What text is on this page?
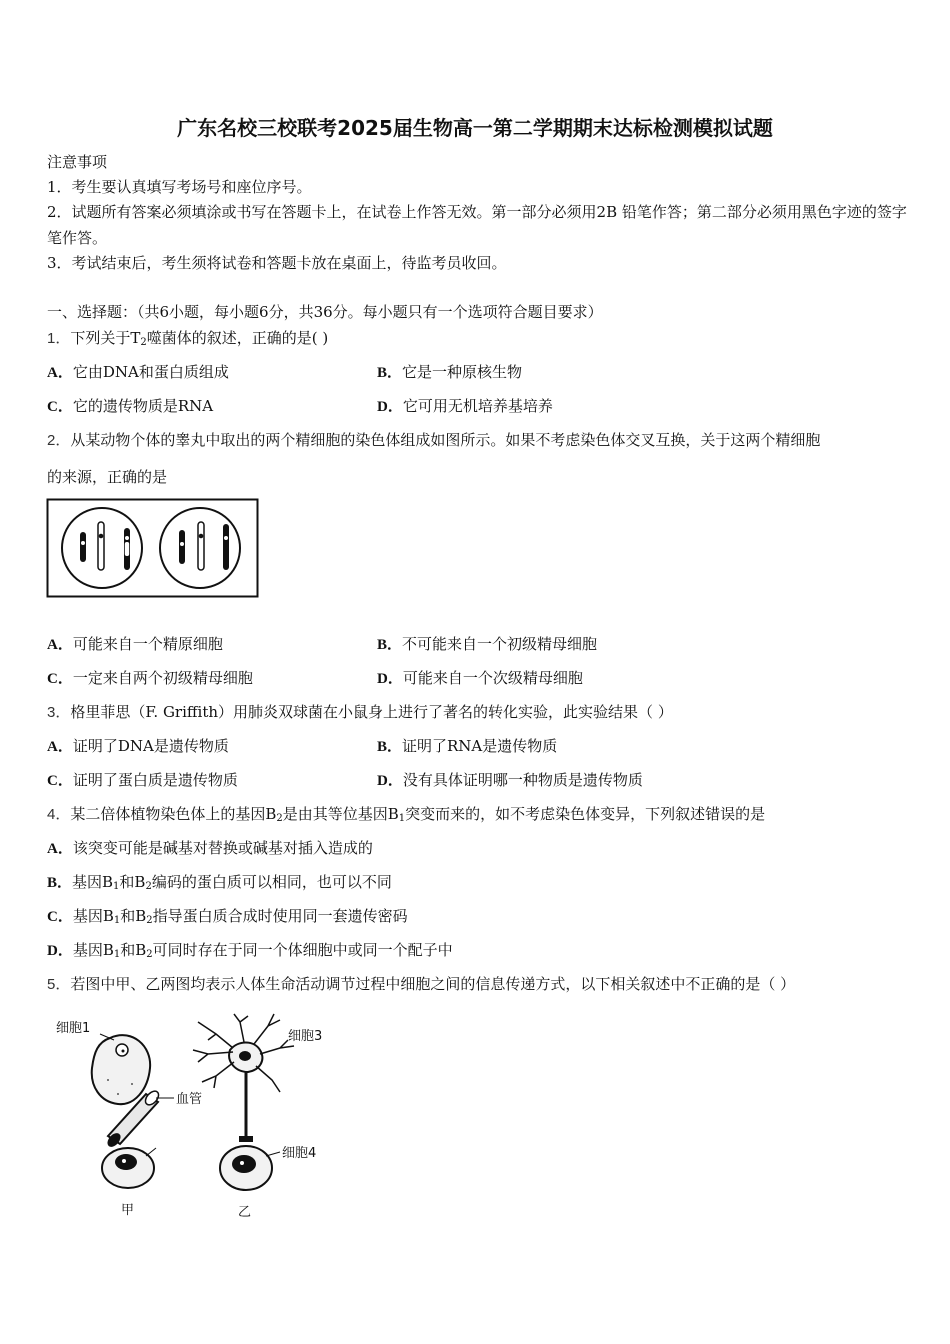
广东名校三校联考2025届生物高一第二学期期末达标检测模拟试题
注意事项
1．考生要认真填写考场号和座位序号。
2．试题所有答案必须填涂或书写在答题卡上，在试卷上作答无效。第一部分必须用2B 铅笔作答；第二部分必须用黑色字迹的签字笔作答。
3．考试结束后，考生须将试卷和答题卡放在桌面上，待监考员收回。
一、选择题：（共6小题，每小题6分，共36分。每小题只有一个选项符合题目要求）
1．下列关于$T_2$噬菌体的叙述，正确的是( )
A．它由DNA和蛋白质组成	B．它是一种原核生物
C．它的遗传物质是RNA	D．它可用无机培养基培养
2．从某动物个体的睾丸中取出的两个精细胞的染色体组成如图所示。如果不考虑染色体交叉互换，关于这两个精细胞
的来源，正确的是
A．可能来自一个精原细胞	B．不可能来自一个初级精母细胞
C．一定来自两个初级精母细胞	D．可能来自一个次级精母细胞
3．格里菲思（F. Griffith）用肺炎双球菌在小鼠身上进行了著名的转化实验，此实验结果（ ）
A．证明了DNA是遗传物质	B．证明了RNA是遗传物质
C．证明了蛋白质是遗传物质	D．没有具体证明哪一种物质是遗传物质
4．某二倍体植物染色体上的基因$B_2$是由其等位基因$B_1$突变而来的，如不考虑染色体变异，下列叙述错误的是
A．该突变可能是碱基对替换或碱基对插入造成的
B．基因$B_1$和$B_2$编码的蛋白质可以相同，也可以不同
C．基因$B_1$和$B_2$指导蛋白质合成时使用同一套遗传密码
D．基因$B_1$和$B_2$可同时存在于同一个体细胞中或同一个配子中
5．若图中甲、乙两图均表示人体生命活动调节过程中细胞之间的信息传递方式，以下相关叙述中不正确的是（ ）
细胞1
血管
甲
细胞3
细胞4
乙
